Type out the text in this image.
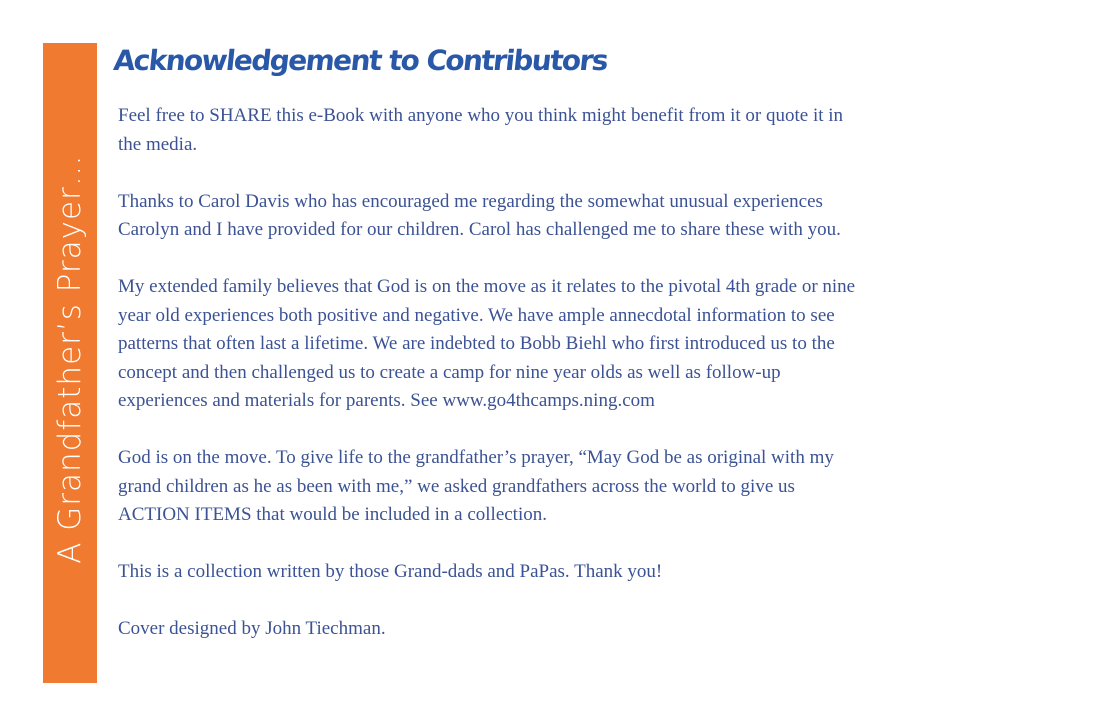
A Grandfather’s Prayer…
Acknowledgement to Contributors

Feel free to SHARE this e-Book with anyone who you think might benefit from it or quote it in
the media.

Thanks to Carol Davis who has encouraged me regarding the somewhat unusual experiences
Carolyn and I have provided for our children. Carol has challenged me to share these with you.

My extended family believes that God is on the move as it relates to the pivotal 4th grade or nine
year old experiences both positive and negative. We have ample annecdotal information to see
patterns that often last a lifetime. We are indebted to Bobb Biehl who first introduced us to the
concept and then challenged us to create a camp for nine year olds as well as follow-up
experiences and materials for parents. See www.go4thcamps.ning.com

God is on the move. To give life to the grandfather’s prayer, “May God be as original with my
grand children as he as been with me,” we asked grandfathers across the world to give us
ACTION ITEMS that would be included in a collection.

This is a collection written by those Grand-dads and PaPas. Thank you!

Cover designed by John Tiechman.
